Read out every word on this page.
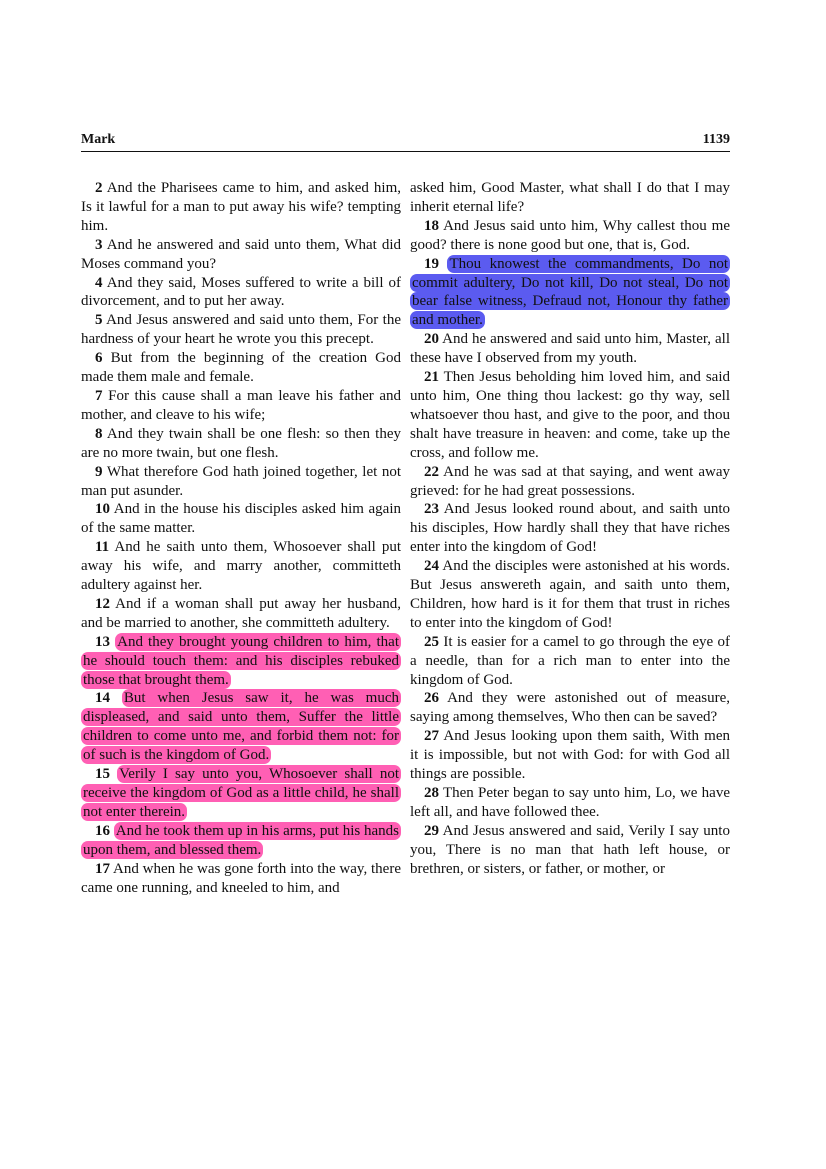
Mark	1139

2 And the Pharisees came to him, and asked him, Is it lawful for a man to put away his wife? tempting him.

3 And he answered and said unto them, What did Moses command you?

4 And they said, Moses suffered to write a bill of divorcement, and to put her away.

5 And Jesus answered and said unto them, For the hardness of your heart he wrote you this precept.

6 But from the beginning of the creation God made them male and female.

7 For this cause shall a man leave his father and mother, and cleave to his wife;

8 And they twain shall be one flesh: so then they are no more twain, but one flesh.

9 What therefore God hath joined together, let not man put asunder.

10 And in the house his disciples asked him again of the same matter.

11 And he saith unto them, Whosoever shall put away his wife, and marry another, committeth adultery against her.

12 And if a woman shall put away her husband, and be married to another, she committeth adultery.

13 And they brought young children to him, that he should touch them: and his disciples rebuked those that brought them.

14 But when Jesus saw it, he was much displeased, and said unto them, Suffer the little children to come unto me, and forbid them not: for of such is the kingdom of God.

15 Verily I say unto you, Whosoever shall not receive the kingdom of God as a little child, he shall not enter therein.

16 And he took them up in his arms, put his hands upon them, and blessed them.

17 And when he was gone forth into the way, there came one running, and kneeled to him, and

asked him, Good Master, what shall I do that I may inherit eternal life?

18 And Jesus said unto him, Why callest thou me good? there is none good but one, that is, God.

19 Thou knowest the commandments, Do not commit adultery, Do not kill, Do not steal, Do not bear false witness, Defraud not, Honour thy father and mother.

20 And he answered and said unto him, Master, all these have I observed from my youth.

21 Then Jesus beholding him loved him, and said unto him, One thing thou lackest: go thy way, sell whatsoever thou hast, and give to the poor, and thou shalt have treasure in heaven: and come, take up the cross, and follow me.

22 And he was sad at that saying, and went away grieved: for he had great possessions.

23 And Jesus looked round about, and saith unto his disciples, How hardly shall they that have riches enter into the kingdom of God!

24 And the disciples were astonished at his words. But Jesus answereth again, and saith unto them, Children, how hard is it for them that trust in riches to enter into the kingdom of God!

25 It is easier for a camel to go through the eye of a needle, than for a rich man to enter into the kingdom of God.

26 And they were astonished out of measure, saying among themselves, Who then can be saved?

27 And Jesus looking upon them saith, With men it is impossible, but not with God: for with God all things are possible.

28 Then Peter began to say unto him, Lo, we have left all, and have followed thee.

29 And Jesus answered and said, Verily I say unto you, There is no man that hath left house, or brethren, or sisters, or father, or mother, or
